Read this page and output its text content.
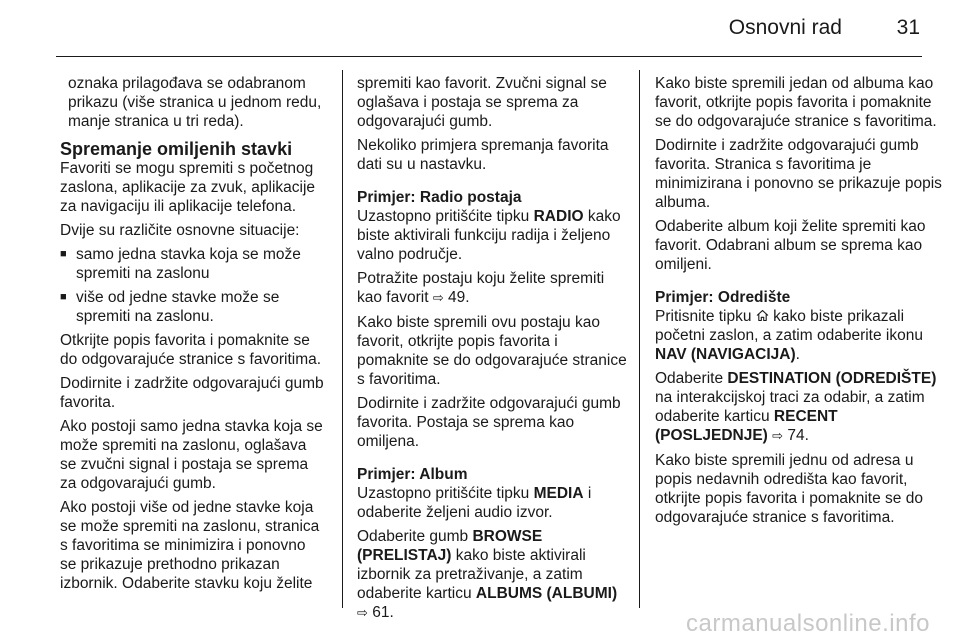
Osnovni rad	31

oznaka prilagođava se odabranom prikazu (više stranica u jednom redu, manje stranica u tri reda).

Spremanje omiljenih stavki

Favoriti se mogu spremiti s početnog zaslona, aplikacije za zvuk, aplikacije za navigaciju ili aplikacije telefona.

Dvije su različite osnovne situacije:

■ samo jedna stavka koja se može spremiti na zaslonu
■ više od jedne stavke može se spremiti na zaslonu.

Otkrijte popis favorita i pomaknite se do odgovarajuće stranice s favoritima.

Dodirnite i zadržite odgovarajući gumb favorita.

Ako postoji samo jedna stavka koja se može spremiti na zaslonu, oglašava se zvučni signal i postaja se sprema za odgovarajući gumb.

Ako postoji više od jedne stavke koja se može spremiti na zaslonu, stranica s favoritima se minimizira i ponovno se prikazuje prethodno prikazan izbornik. Odaberite stavku koju želite

spremiti kao favorit. Zvučni signal se oglašava i postaja se sprema za odgovarajući gumb.

Nekoliko primjera spremanja favorita dati su u nastavku.

Primjer: Radio postaja

Uzastopno pritišćite tipku RADIO kako biste aktivirali funkciju radija i željeno valno područje.

Potražite postaju koju želite spremiti kao favorit ⇨ 49.

Kako biste spremili ovu postaju kao favorit, otkrijte popis favorita i pomaknite se do odgovarajuće stranice s favoritima.

Dodirnite i zadržite odgovarajući gumb favorita. Postaja se sprema kao omiljena.

Primjer: Album

Uzastopno pritišćite tipku MEDIA i odaberite željeni audio izvor.

Odaberite gumb BROWSE (PRELISTAJ) kako biste aktivirali izbornik za pretraživanje, a zatim odaberite karticu ALBUMS (ALBUMI)
⇨ 61.

Kako biste spremili jedan od albuma kao favorit, otkrijte popis favorita i pomaknite se do odgovarajuće stranice s favoritima.

Dodirnite i zadržite odgovarajući gumb favorita. Stranica s favoritima je minimizirana i ponovno se prikazuje popis albuma.

Odaberite album koji želite spremiti kao favorit. Odabrani album se sprema kao omiljeni.

Primjer: Odredište

Pritisnite tipku  kako biste prikazali početni zaslon, a zatim odaberite ikonu NAV (NAVIGACIJA).

Odaberite DESTINATION (ODREDIŠTE) na interakcijskoj traci za odabir, a zatim odaberite karticu RECENT (POSLJEDNJE) ⇨ 74.

Kako biste spremili jednu od adresa u popis nedavnih odredišta kao favorit, otkrijte popis favorita i pomaknite se do odgovarajuće stranice s favoritima.

carmanualsonline.info
